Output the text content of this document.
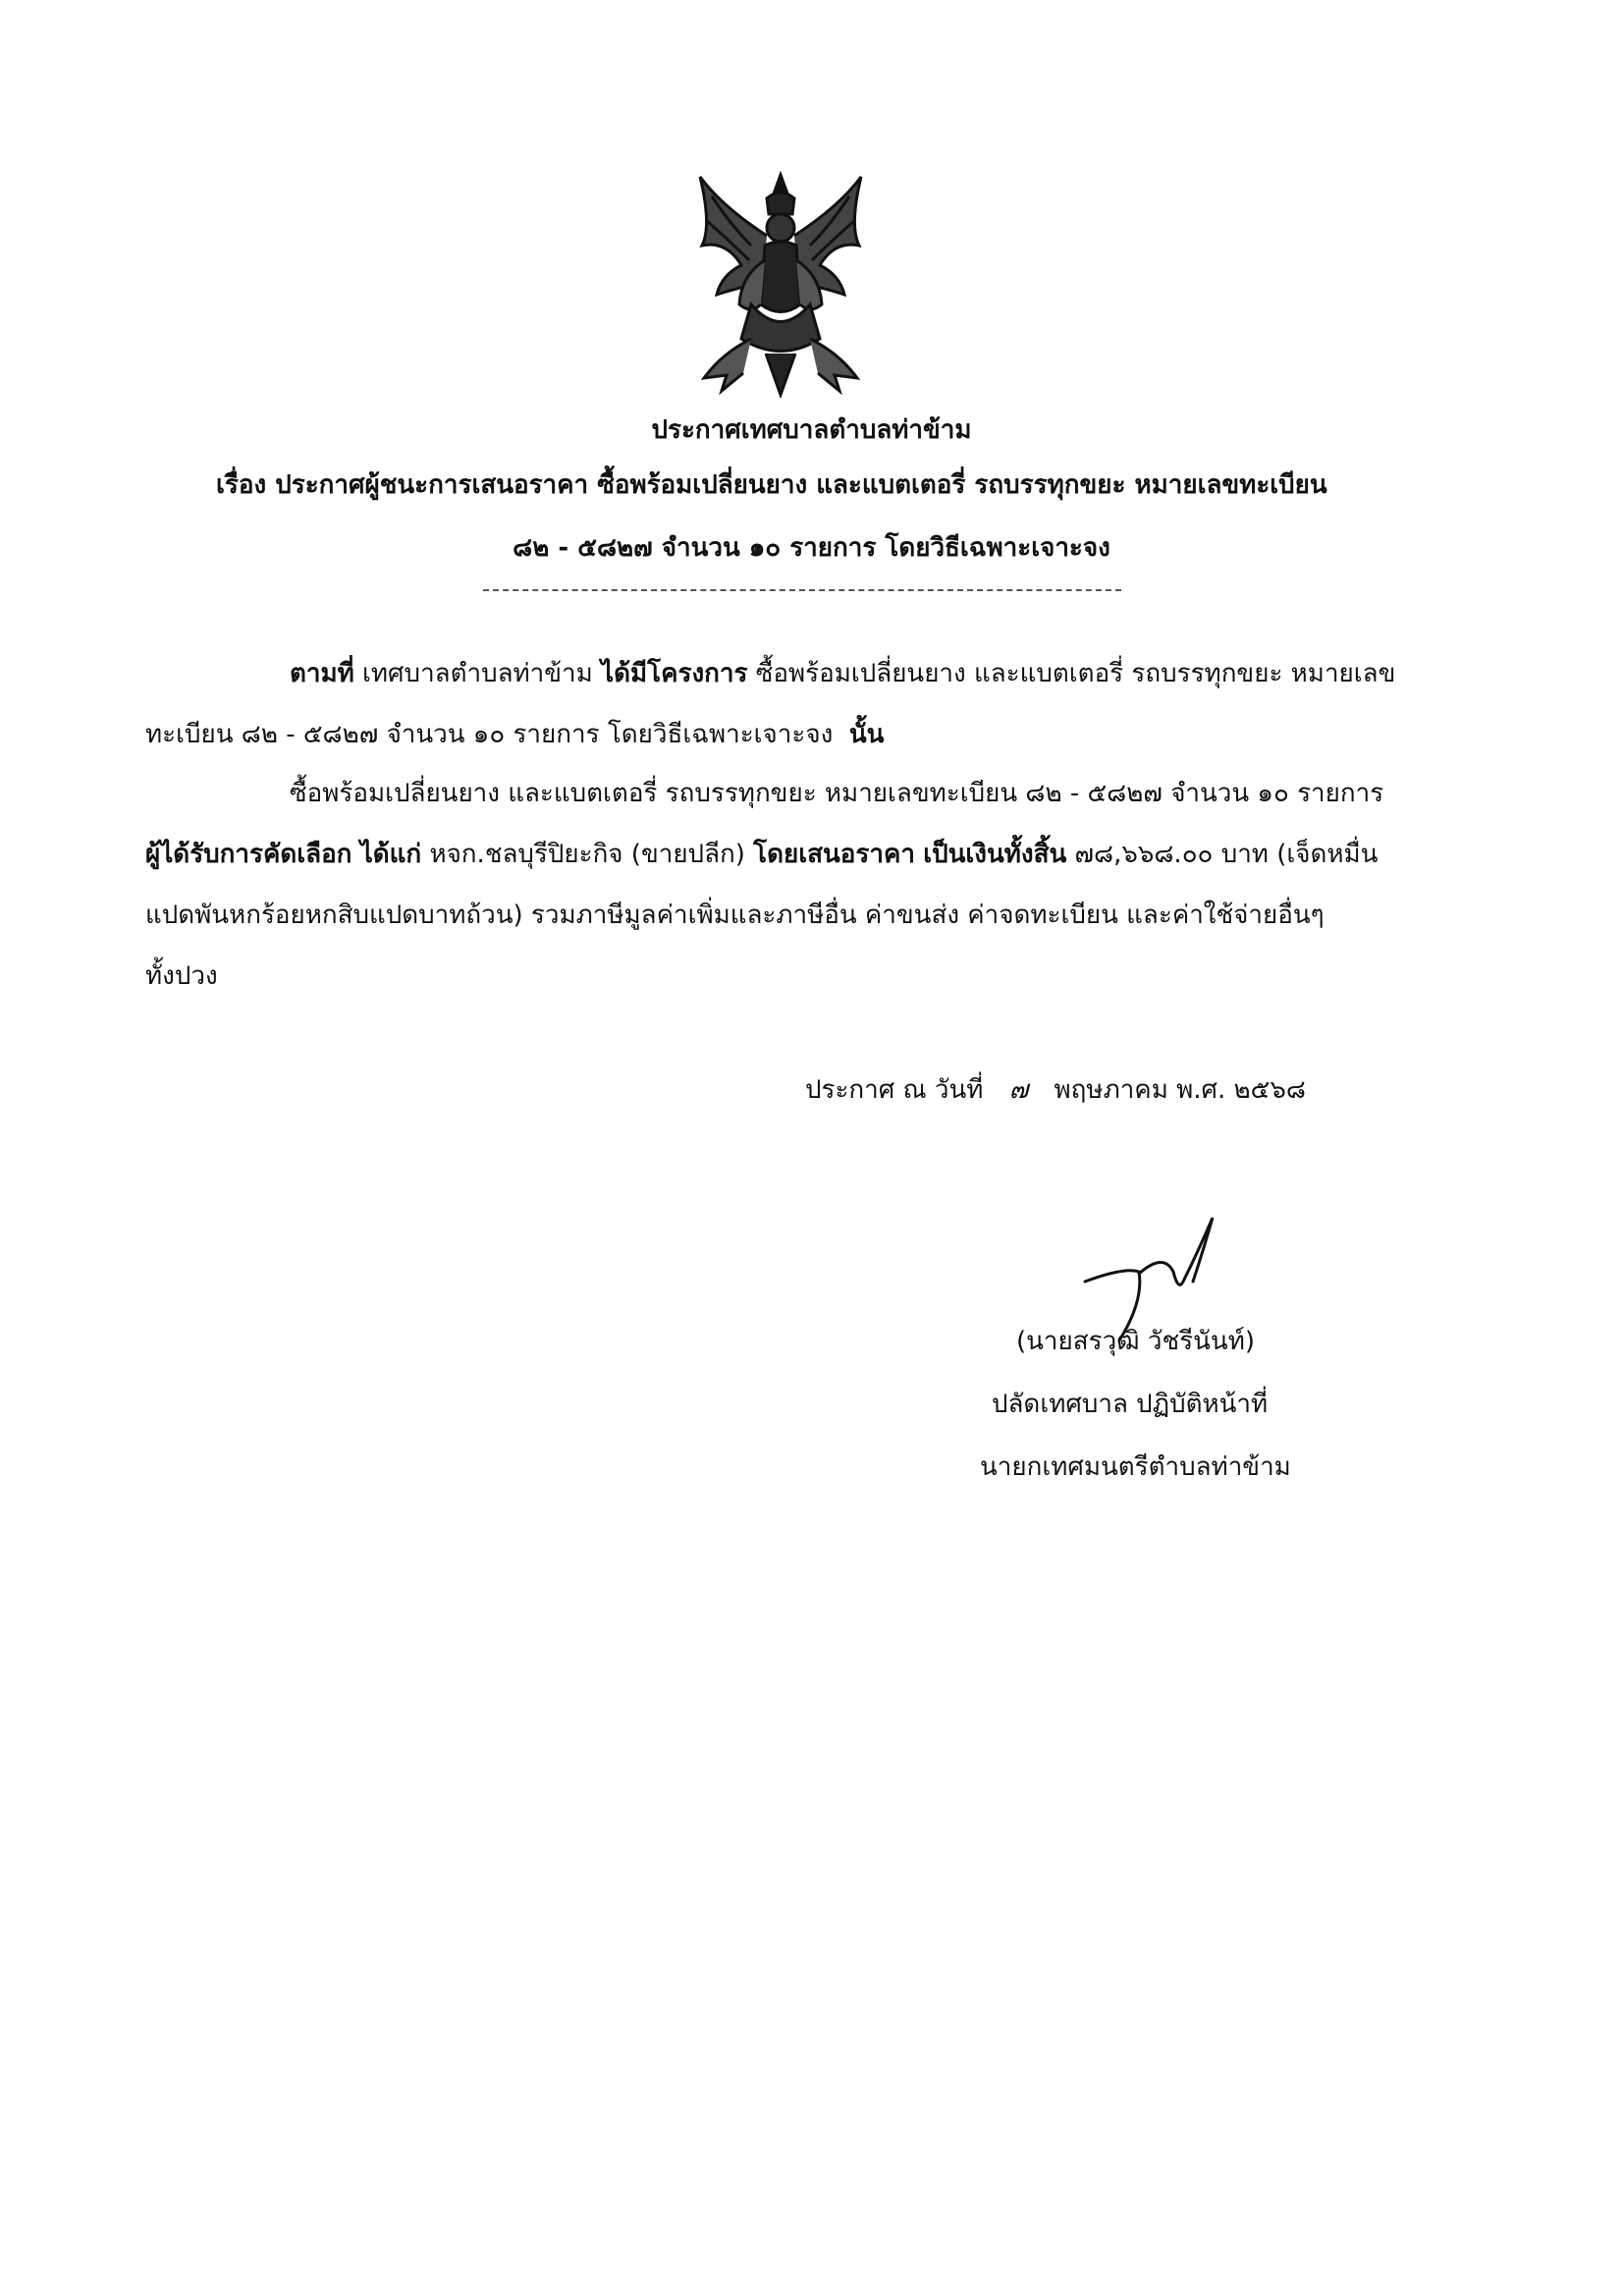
ประกาศเทศบาลตำบลท่าข้าม
เรื่อง ประกาศผู้ชนะการเสนอราคา ซื้อพร้อมเปลี่ยนยาง และแบตเตอรี่ รถบรรทุกขยะ หมายเลขทะเบียน
๘๒ - ๕๘๒๗ จำนวน ๑๐ รายการ โดยวิธีเฉพาะเจาะจง
ตามที่ เทศบาลตำบลท่าข้าม ได้มีโครงการ ซื้อพร้อมเปลี่ยนยาง และแบตเตอรี่ รถบรรทุกขยะ หมายเลข
ทะเบียน ๘๒ - ๕๘๒๗ จำนวน ๑๐ รายการ โดยวิธีเฉพาะเจาะจง นั้น
ซื้อพร้อมเปลี่ยนยาง และแบตเตอรี่ รถบรรทุกขยะ หมายเลขทะเบียน ๘๒ - ๕๘๒๗ จำนวน ๑๐ รายการ
ผู้ได้รับการคัดเลือก ได้แก่ หจก.ชลบุรีปิยะกิจ (ขายปลีก) โดยเสนอราคา เป็นเงินทั้งสิ้น ๗๘,๖๖๘.๐๐ บาท (เจ็ดหมื่น
แปดพันหกร้อยหกสิบแปดบาทถ้วน) รวมภาษีมูลค่าเพิ่มและภาษีอื่น ค่าขนส่ง ค่าจดทะเบียน และค่าใช้จ่ายอื่นๆ
ทั้งปวง
ประกาศ ณ วันที่ ๗ พฤษภาคม พ.ศ. ๒๕๖๘
(นายสรวุฒิ วัชรีนันท์)
ปลัดเทศบาล ปฏิบัติหน้าที่
นายกเทศมนตรีตำบลท่าข้าม
